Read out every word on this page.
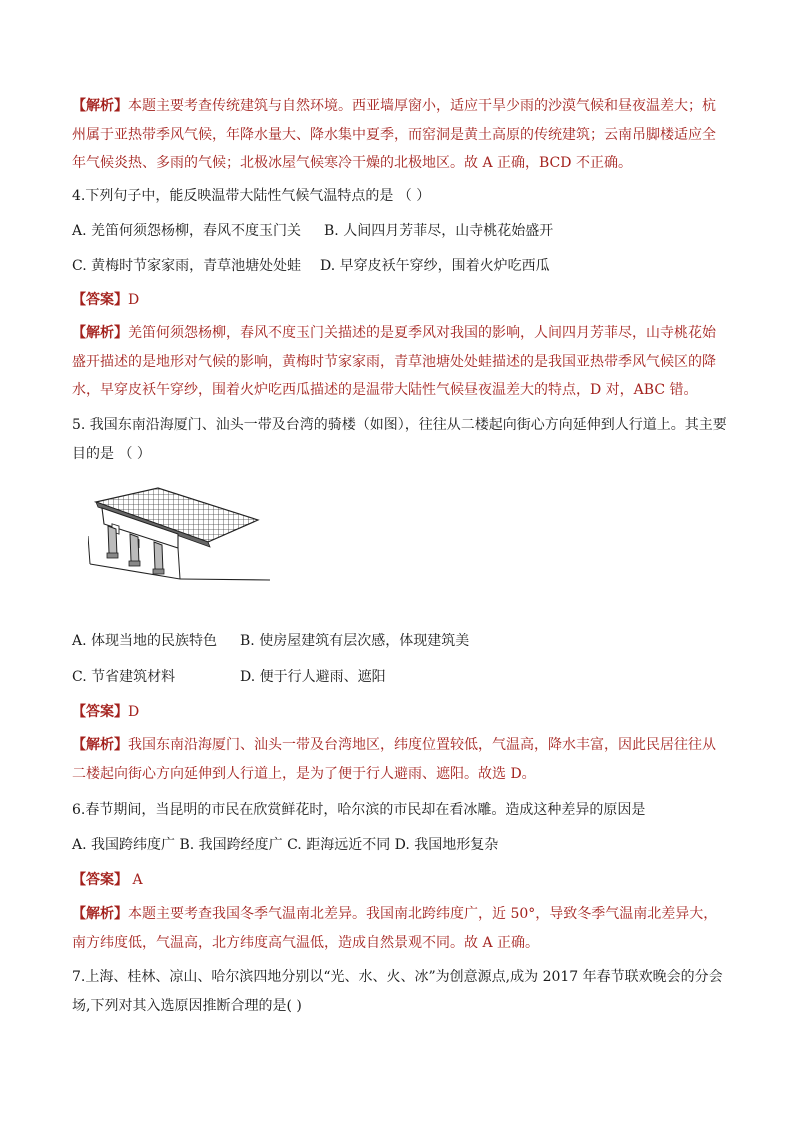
【解析】本题主要考查传统建筑与自然环境。西亚墙厚窗小，适应干旱少雨的沙漠气候和昼夜温差大；杭州属于亚热带季风气候，年降水量大、降水集中夏季，而窑洞是黄土高原的传统建筑；云南吊脚楼适应全年气候炎热、多雨的气候；北极冰屋气候寒冷干燥的北极地区。故 A 正确，BCD 不正确。

4.下列句子中，能反映温带大陆性气候气温特点的是 （ ）

A. 羌笛何须怨杨柳，春风不度玉门关 B. 人间四月芳菲尽，山寺桃花始盛开
C. 黄梅时节家家雨，青草池塘处处蛙 D. 早穿皮袄午穿纱，围着火炉吃西瓜

【答案】D

【解析】羌笛何须怨杨柳，春风不度玉门关描述的是夏季风对我国的影响，人间四月芳菲尽，山寺桃花始盛开描述的是地形对气候的影响，黄梅时节家家雨，青草池塘处处蛙描述的是我国亚热带季风气候区的降水，早穿皮袄午穿纱，围着火炉吃西瓜描述的是温带大陆性气候昼夜温差大的特点，D 对，ABC 错。

5. 我国东南沿海厦门、汕头一带及台湾的骑楼（如图），往往从二楼起向街心方向延伸到人行道上。其主要目的是 （ ）

A. 体现当地的民族特色 B. 使房屋建筑有层次感，体现建筑美
C. 节省建筑材料	D. 便于行人避雨、遮阳

【答案】D

【解析】我国东南沿海厦门、汕头一带及台湾地区，纬度位置较低，气温高，降水丰富，因此民居往往从二楼起向街心方向延伸到人行道上，是为了便于行人避雨、遮阳。故选 D。

6.春节期间，当昆明的市民在欣赏鲜花时，哈尔滨的市民却在看冰雕。造成这种差异的原因是

A. 我国跨纬度广 B. 我国跨经度广 C. 距海远近不同 D. 我国地形复杂

【答案】 A

【解析】本题主要考查我国冬季气温南北差异。我国南北跨纬度广，近 50°，导致冬季气温南北差异大，南方纬度低，气温高，北方纬度高气温低，造成自然景观不同。故 A 正确。

7.上海、桂林、凉山、哈尔滨四地分别以“光、水、火、冰”为创意源点,成为 2017 年春节联欢晚会的分会场,下列对其入选原因推断合理的是( )
